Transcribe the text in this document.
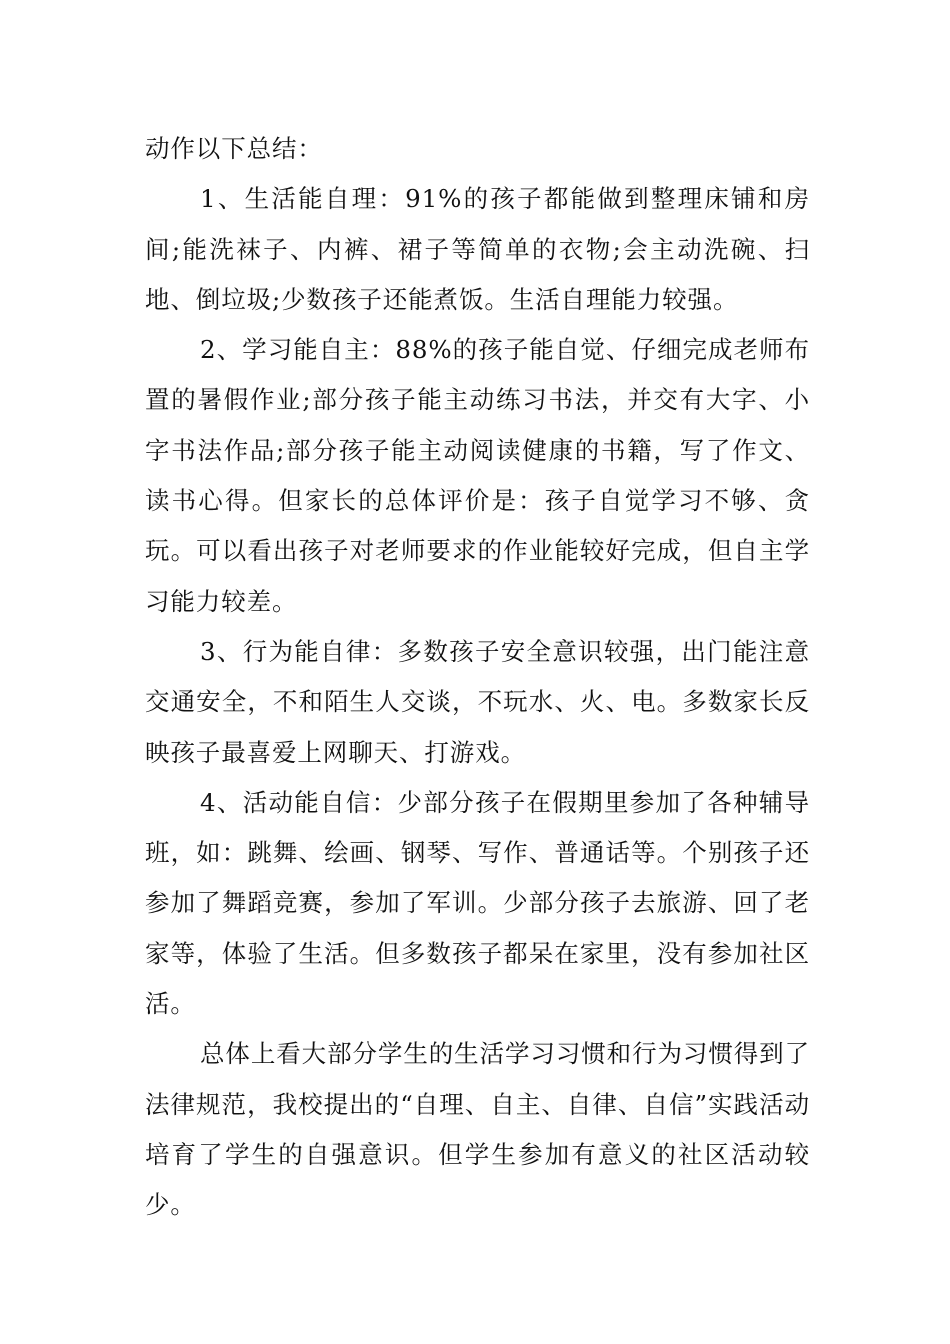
动作以下总结：

1、生活能自理：91%的孩子都能做到整理床铺和房间;能洗袜子、内裤、裙子等简单的衣物;会主动洗碗、扫地、倒垃圾;少数孩子还能煮饭。生活自理能力较强。

2、学习能自主：88%的孩子能自觉、仔细完成老师布置的暑假作业;部分孩子能主动练习书法，并交有大字、小字书法作品;部分孩子能主动阅读健康的书籍，写了作文、读书心得。但家长的总体评价是：孩子自觉学习不够、贪玩。可以看出孩子对老师要求的作业能较好完成，但自主学习能力较差。

3、行为能自律：多数孩子安全意识较强，出门能注意交通安全，不和陌生人交谈，不玩水、火、电。多数家长反映孩子最喜爱上网聊天、打游戏。

4、活动能自信：少部分孩子在假期里参加了各种辅导班，如：跳舞、绘画、钢琴、写作、普通话等。个别孩子还参加了舞蹈竞赛，参加了军训。少部分孩子去旅游、回了老家等，体验了生活。但多数孩子都呆在家里，没有参加社区活。

总体上看大部分学生的生活学习习惯和行为习惯得到了法律规范，我校提出的“自理、自主、自律、自信”实践活动培育了学生的自强意识。但学生参加有意义的社区活动较少。
